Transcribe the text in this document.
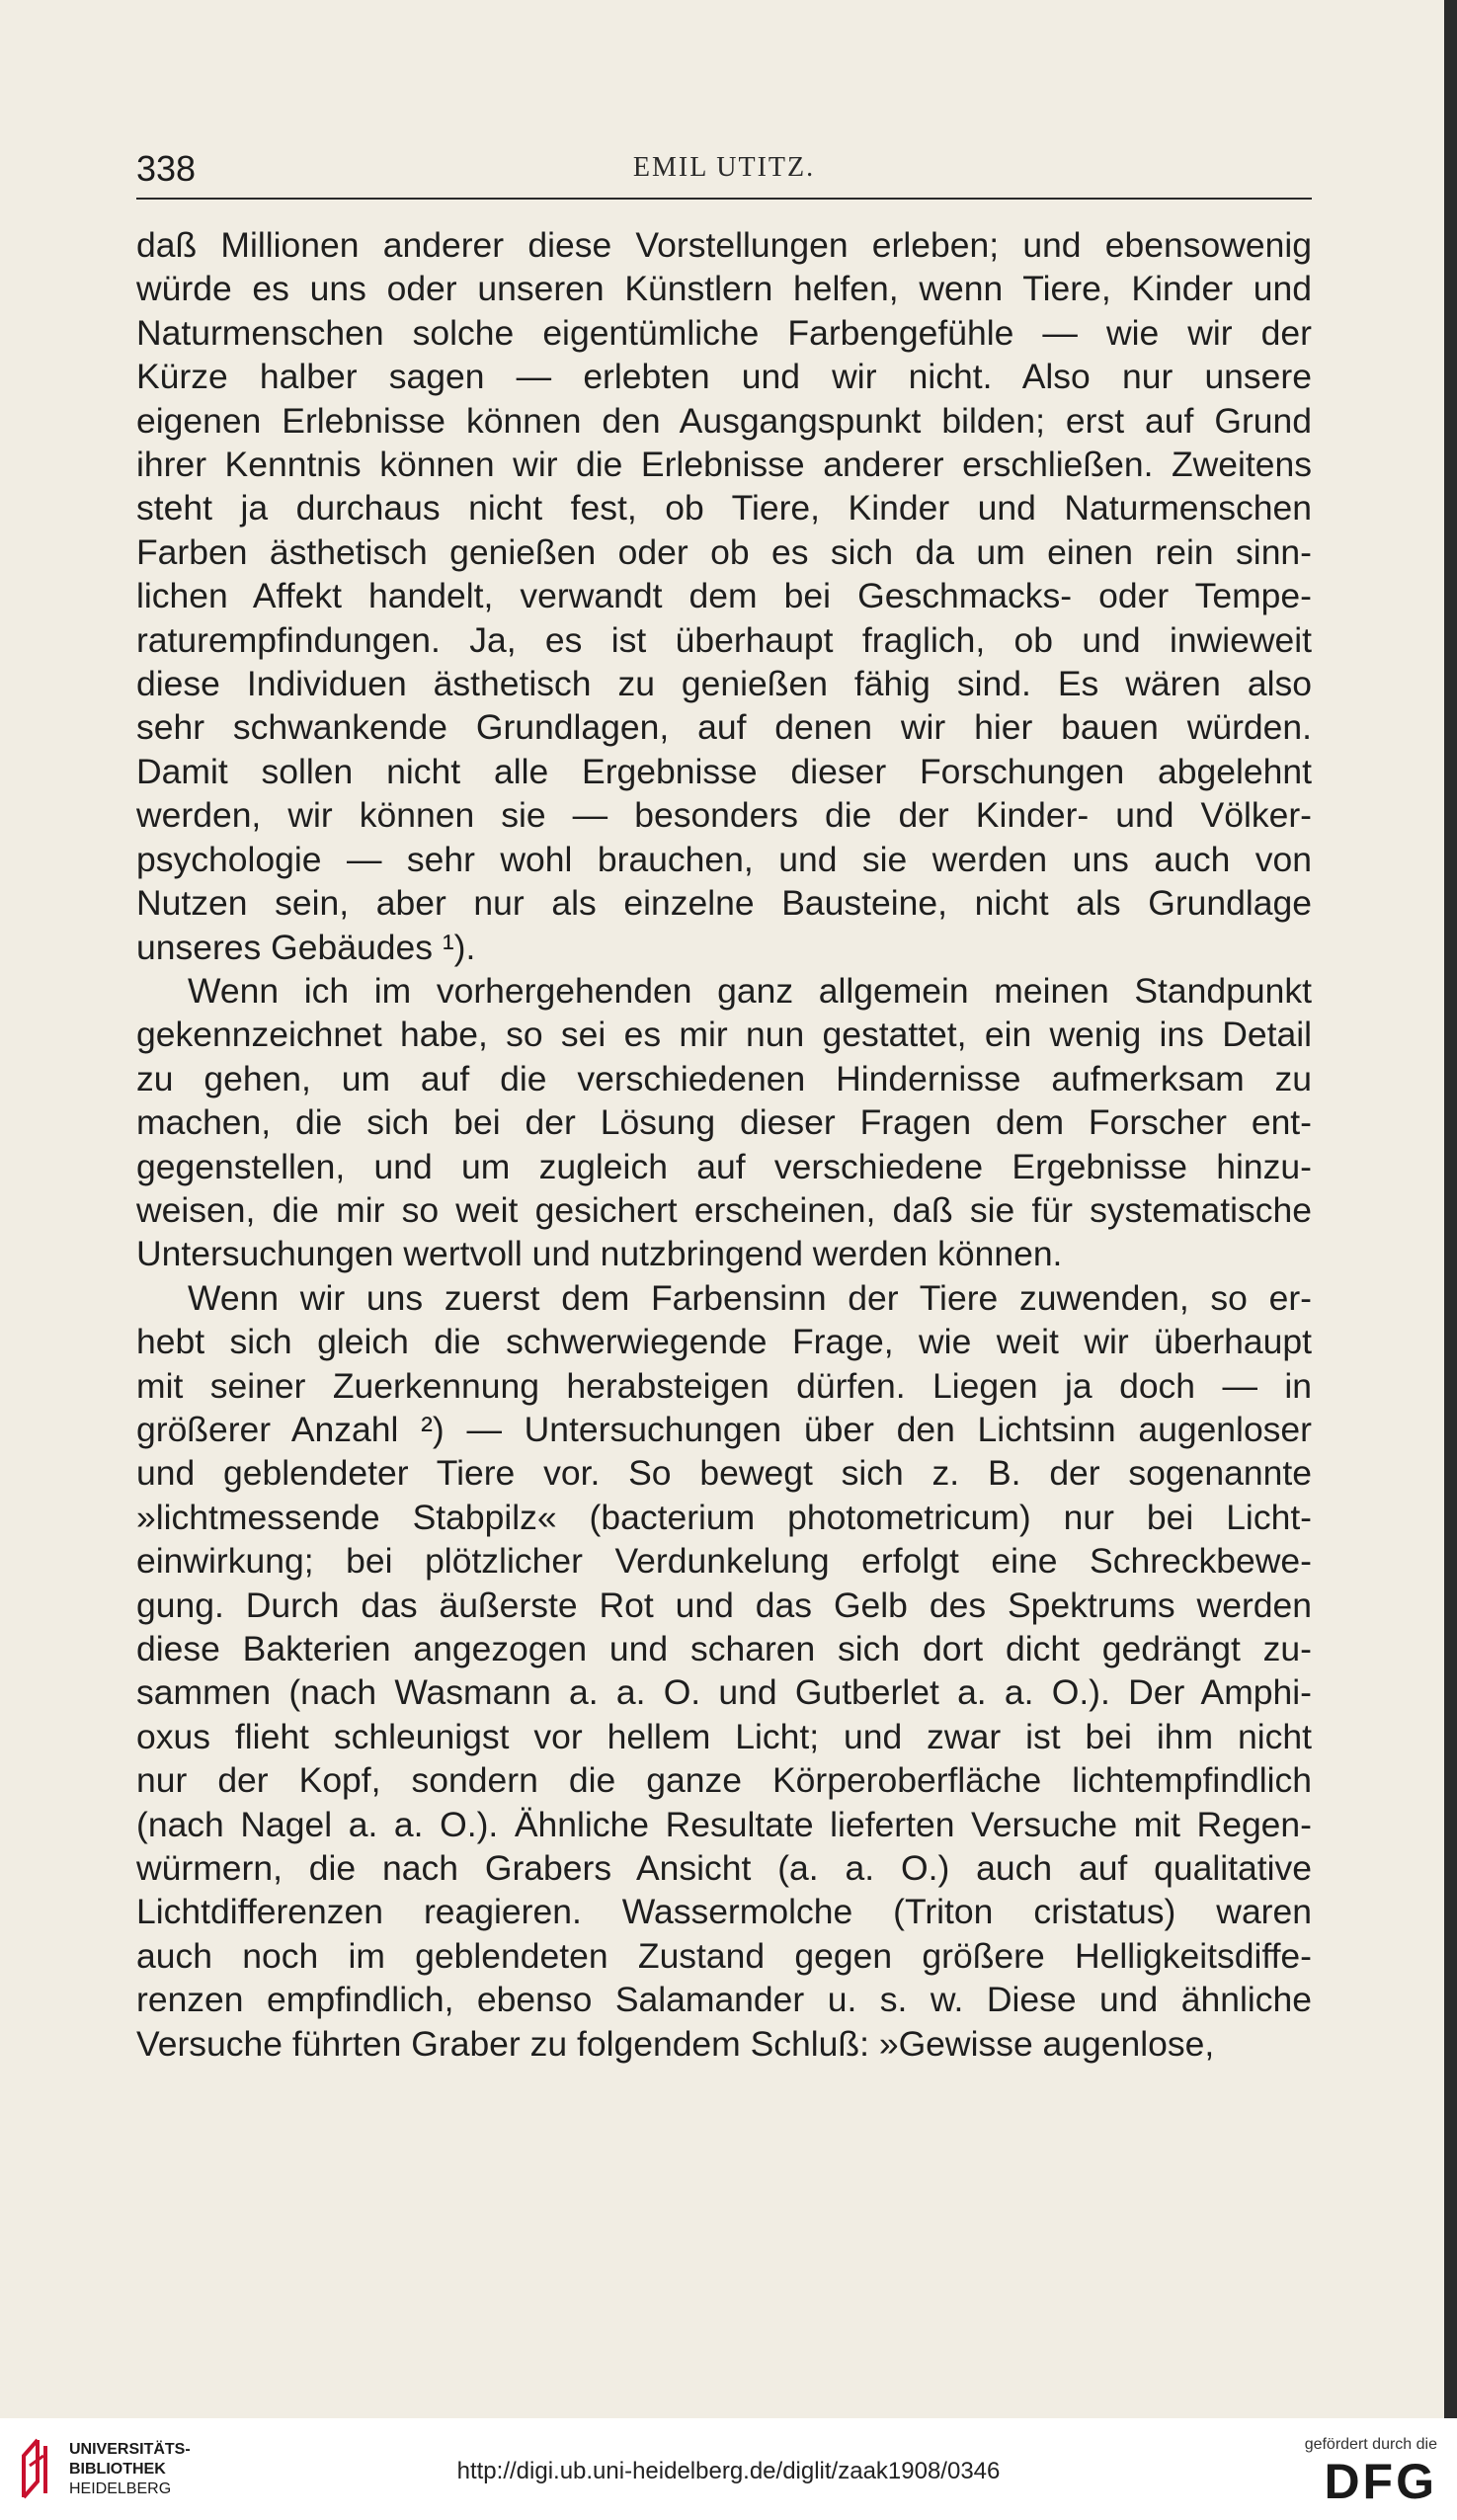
338	EMIL UTITZ.
daß Millionen anderer diese Vorstellungen erleben; und ebensowenig
würde es uns oder unseren Künstlern helfen, wenn Tiere, Kinder und
Naturmenschen solche eigentümliche Farbengefühle — wie wir der
Kürze halber sagen — erlebten und wir nicht. Also nur unsere
eigenen Erlebnisse können den Ausgangspunkt bilden; erst auf Grund
ihrer Kenntnis können wir die Erlebnisse anderer erschließen. Zweitens
steht ja durchaus nicht fest, ob Tiere, Kinder und Naturmenschen
Farben ästhetisch genießen oder ob es sich da um einen rein sinn-
lichen Affekt handelt, verwandt dem bei Geschmacks- oder Tempe-
raturempfindungen. Ja, es ist überhaupt fraglich, ob und inwieweit
diese Individuen ästhetisch zu genießen fähig sind. Es wären also
sehr schwankende Grundlagen, auf denen wir hier bauen würden.
Damit sollen nicht alle Ergebnisse dieser Forschungen abgelehnt
werden, wir können sie — besonders die der Kinder- und Völker-
psychologie — sehr wohl brauchen, und sie werden uns auch von
Nutzen sein, aber nur als einzelne Bausteine, nicht als Grundlage
unseres Gebäudes ¹).
Wenn ich im vorhergehenden ganz allgemein meinen Standpunkt
gekennzeichnet habe, so sei es mir nun gestattet, ein wenig ins Detail
zu gehen, um auf die verschiedenen Hindernisse aufmerksam zu
machen, die sich bei der Lösung dieser Fragen dem Forscher ent-
gegenstellen, und um zugleich auf verschiedene Ergebnisse hinzu-
weisen, die mir so weit gesichert erscheinen, daß sie für systematische
Untersuchungen wertvoll und nutzbringend werden können.
Wenn wir uns zuerst dem Farbensinn der Tiere zuwenden, so er-
hebt sich gleich die schwerwiegende Frage, wie weit wir überhaupt
mit seiner Zuerkennung herabsteigen dürfen. Liegen ja doch — in
größerer Anzahl ²) — Untersuchungen über den Lichtsinn augenloser
und geblendeter Tiere vor. So bewegt sich z. B. der sogenannte
»lichtmessende Stabpilz« (bacterium photometricum) nur bei Licht-
einwirkung; bei plötzlicher Verdunkelung erfolgt eine Schreckbewe-
gung. Durch das äußerste Rot und das Gelb des Spektrums werden
diese Bakterien angezogen und scharen sich dort dicht gedrängt zu-
sammen (nach Wasmann a. a. O. und Gutberlet a. a. O.). Der Amphi-
oxus flieht schleunigst vor hellem Licht; und zwar ist bei ihm nicht
nur der Kopf, sondern die ganze Körperoberfläche lichtempfindlich
(nach Nagel a. a. O.). Ähnliche Resultate lieferten Versuche mit Regen-
würmern, die nach Grabers Ansicht (a. a. O.) auch auf qualitative
Lichtdifferenzen reagieren. Wassermolche (Triton cristatus) waren
auch noch im geblendeten Zustand gegen größere Helligkeitsdiffe-
renzen empfindlich, ebenso Salamander u. s. w. Diese und ähnliche
Versuche führten Graber zu folgendem Schluß: »Gewisse augenlose,
UNIVERSITÄTS-
BIBLIOTHEK
HEIDELBERG
http://digi.ub.uni-heidelberg.de/diglit/zaak1908/0346
gefördert durch die
DFG
